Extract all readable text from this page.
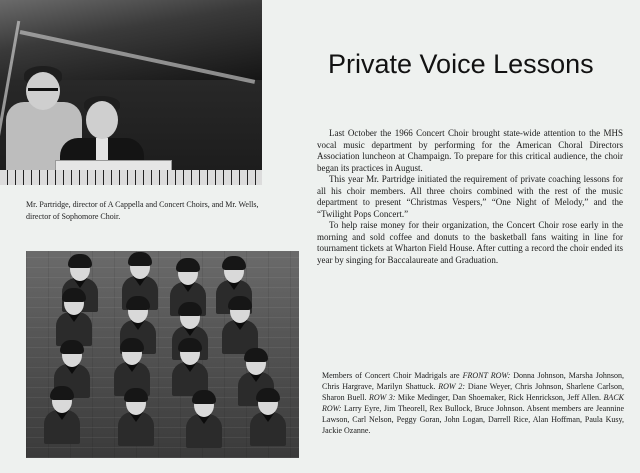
Mr. Partridge, director of A Cappella and Concert Choirs, and Mr. Wells, director of Sophomore Choir.
Private Voice Lessons

Last October the 1966 Concert Choir brought state-wide attention to the MHS vocal music department by performing for the American Choral Directors Association luncheon at Champaign. To prepare for this critical audience, the choir began its practices in August.

This year Mr. Partridge initiated the requirement of private coaching lessons for all his choir members. All three choirs combined with the rest of the music department to present “Christmas Vespers,” “One Night of Melody,” and the “Twilight Pops Concert.”

To help raise money for their organization, the Concert Choir rose early in the morning and sold coffee and donuts to the basketball fans waiting in line for tournament tickets at Wharton Field House. After cutting a record the choir ended its year by singing for Baccalaureate and Graduation.

Members of Concert Choir Madrigals are FRONT ROW: Donna Johnson, Marsha Johnson, Chris Hargrave, Marilyn Shattuck. ROW 2: Diane Weyer, Chris Johnson, Sharlene Carlson, Sharon Buell. ROW 3: Mike Medinger, Dan Shoemaker, Rick Henrickson, Jeff Allen. BACK ROW: Larry Eyre, Jim Theorell, Rex Bullock, Bruce Johnson. Absent members are Jeannine Lawson, Carl Nelson, Peggy Goran, John Logan, Darrell Rice, Alan Hoffman, Paula Kusy, Jackie Ozanne.
